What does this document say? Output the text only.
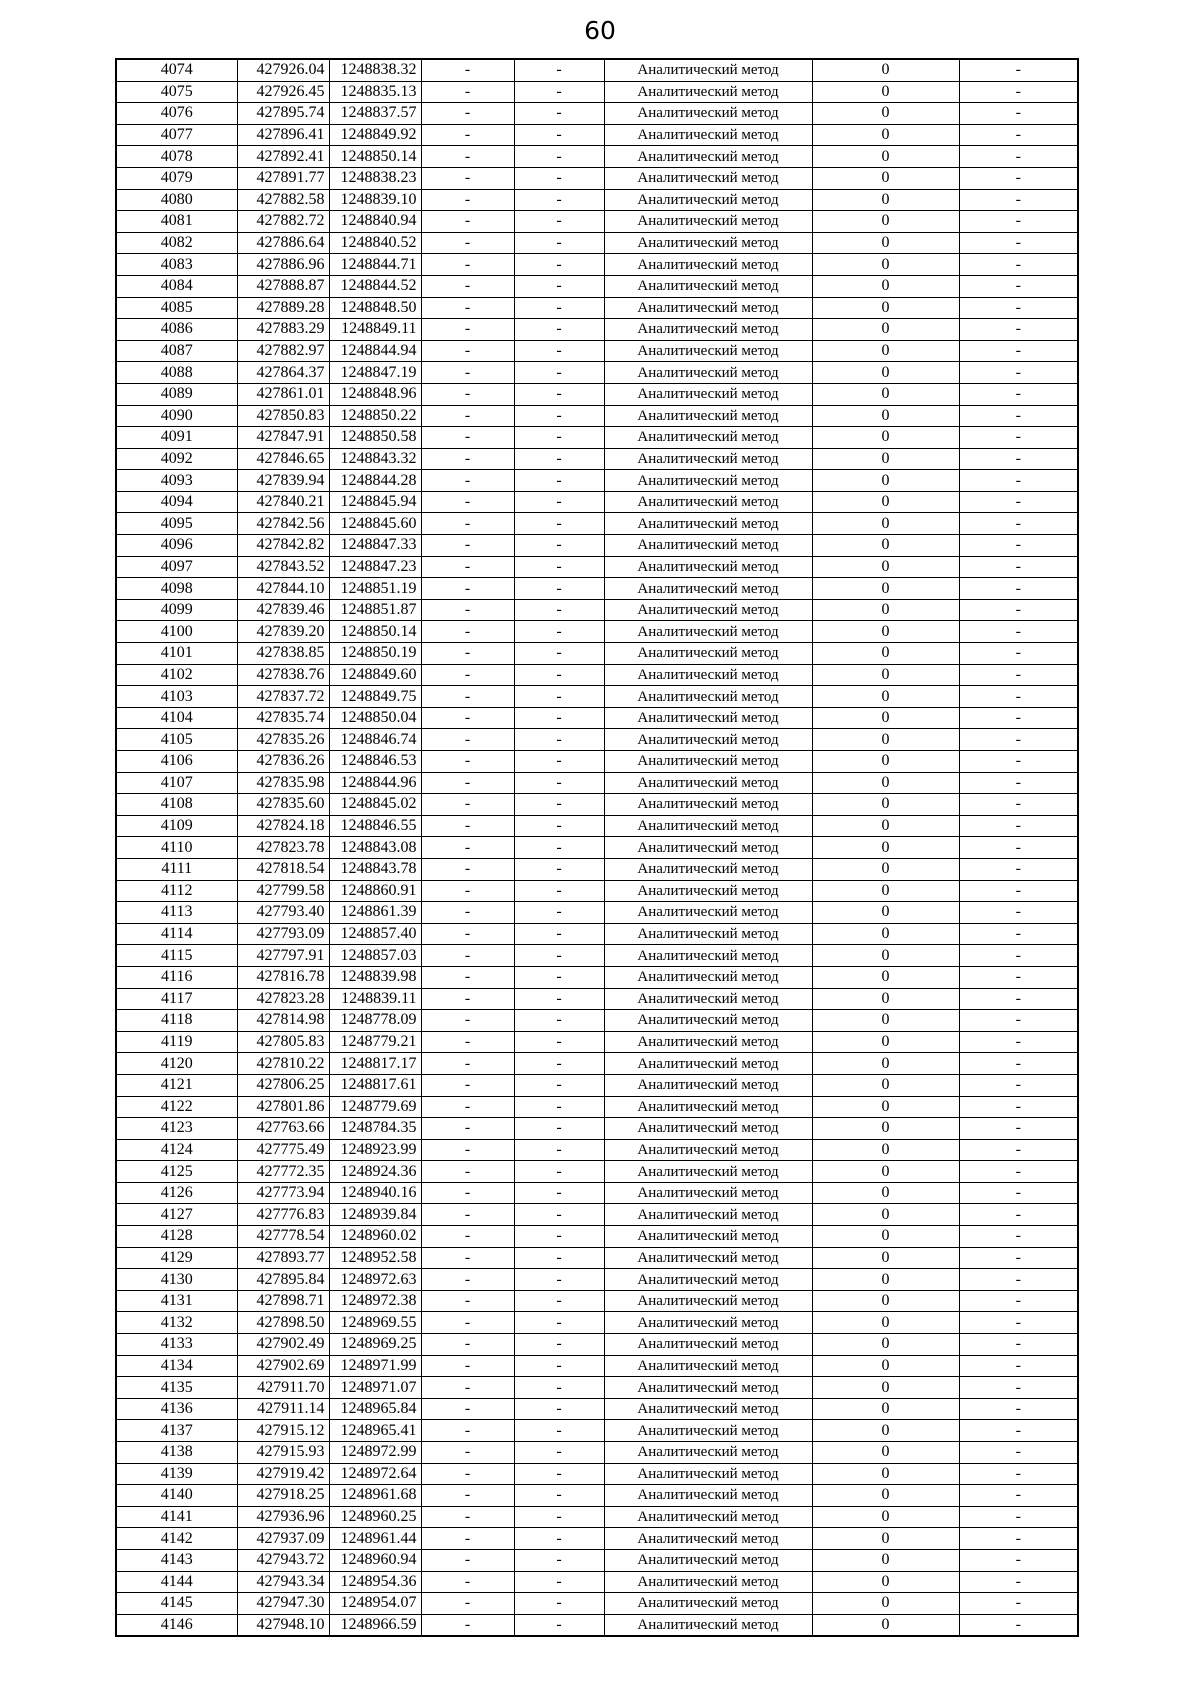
60
4074	427926.04	1248838.32	-	-	Аналитический метод	0	-
4075	427926.45	1248835.13	-	-	Аналитический метод	0	-
4076	427895.74	1248837.57	-	-	Аналитический метод	0	-
4077	427896.41	1248849.92	-	-	Аналитический метод	0	-
4078	427892.41	1248850.14	-	-	Аналитический метод	0	-
4079	427891.77	1248838.23	-	-	Аналитический метод	0	-
4080	427882.58	1248839.10	-	-	Аналитический метод	0	-
4081	427882.72	1248840.94	-	-	Аналитический метод	0	-
4082	427886.64	1248840.52	-	-	Аналитический метод	0	-
4083	427886.96	1248844.71	-	-	Аналитический метод	0	-
4084	427888.87	1248844.52	-	-	Аналитический метод	0	-
4085	427889.28	1248848.50	-	-	Аналитический метод	0	-
4086	427883.29	1248849.11	-	-	Аналитический метод	0	-
4087	427882.97	1248844.94	-	-	Аналитический метод	0	-
4088	427864.37	1248847.19	-	-	Аналитический метод	0	-
4089	427861.01	1248848.96	-	-	Аналитический метод	0	-
4090	427850.83	1248850.22	-	-	Аналитический метод	0	-
4091	427847.91	1248850.58	-	-	Аналитический метод	0	-
4092	427846.65	1248843.32	-	-	Аналитический метод	0	-
4093	427839.94	1248844.28	-	-	Аналитический метод	0	-
4094	427840.21	1248845.94	-	-	Аналитический метод	0	-
4095	427842.56	1248845.60	-	-	Аналитический метод	0	-
4096	427842.82	1248847.33	-	-	Аналитический метод	0	-
4097	427843.52	1248847.23	-	-	Аналитический метод	0	-
4098	427844.10	1248851.19	-	-	Аналитический метод	0	-
4099	427839.46	1248851.87	-	-	Аналитический метод	0	-
4100	427839.20	1248850.14	-	-	Аналитический метод	0	-
4101	427838.85	1248850.19	-	-	Аналитический метод	0	-
4102	427838.76	1248849.60	-	-	Аналитический метод	0	-
4103	427837.72	1248849.75	-	-	Аналитический метод	0	-
4104	427835.74	1248850.04	-	-	Аналитический метод	0	-
4105	427835.26	1248846.74	-	-	Аналитический метод	0	-
4106	427836.26	1248846.53	-	-	Аналитический метод	0	-
4107	427835.98	1248844.96	-	-	Аналитический метод	0	-
4108	427835.60	1248845.02	-	-	Аналитический метод	0	-
4109	427824.18	1248846.55	-	-	Аналитический метод	0	-
4110	427823.78	1248843.08	-	-	Аналитический метод	0	-
4111	427818.54	1248843.78	-	-	Аналитический метод	0	-
4112	427799.58	1248860.91	-	-	Аналитический метод	0	-
4113	427793.40	1248861.39	-	-	Аналитический метод	0	-
4114	427793.09	1248857.40	-	-	Аналитический метод	0	-
4115	427797.91	1248857.03	-	-	Аналитический метод	0	-
4116	427816.78	1248839.98	-	-	Аналитический метод	0	-
4117	427823.28	1248839.11	-	-	Аналитический метод	0	-
4118	427814.98	1248778.09	-	-	Аналитический метод	0	-
4119	427805.83	1248779.21	-	-	Аналитический метод	0	-
4120	427810.22	1248817.17	-	-	Аналитический метод	0	-
4121	427806.25	1248817.61	-	-	Аналитический метод	0	-
4122	427801.86	1248779.69	-	-	Аналитический метод	0	-
4123	427763.66	1248784.35	-	-	Аналитический метод	0	-
4124	427775.49	1248923.99	-	-	Аналитический метод	0	-
4125	427772.35	1248924.36	-	-	Аналитический метод	0	-
4126	427773.94	1248940.16	-	-	Аналитический метод	0	-
4127	427776.83	1248939.84	-	-	Аналитический метод	0	-
4128	427778.54	1248960.02	-	-	Аналитический метод	0	-
4129	427893.77	1248952.58	-	-	Аналитический метод	0	-
4130	427895.84	1248972.63	-	-	Аналитический метод	0	-
4131	427898.71	1248972.38	-	-	Аналитический метод	0	-
4132	427898.50	1248969.55	-	-	Аналитический метод	0	-
4133	427902.49	1248969.25	-	-	Аналитический метод	0	-
4134	427902.69	1248971.99	-	-	Аналитический метод	0	-
4135	427911.70	1248971.07	-	-	Аналитический метод	0	-
4136	427911.14	1248965.84	-	-	Аналитический метод	0	-
4137	427915.12	1248965.41	-	-	Аналитический метод	0	-
4138	427915.93	1248972.99	-	-	Аналитический метод	0	-
4139	427919.42	1248972.64	-	-	Аналитический метод	0	-
4140	427918.25	1248961.68	-	-	Аналитический метод	0	-
4141	427936.96	1248960.25	-	-	Аналитический метод	0	-
4142	427937.09	1248961.44	-	-	Аналитический метод	0	-
4143	427943.72	1248960.94	-	-	Аналитический метод	0	-
4144	427943.34	1248954.36	-	-	Аналитический метод	0	-
4145	427947.30	1248954.07	-	-	Аналитический метод	0	-
4146	427948.10	1248966.59	-	-	Аналитический метод	0	-
